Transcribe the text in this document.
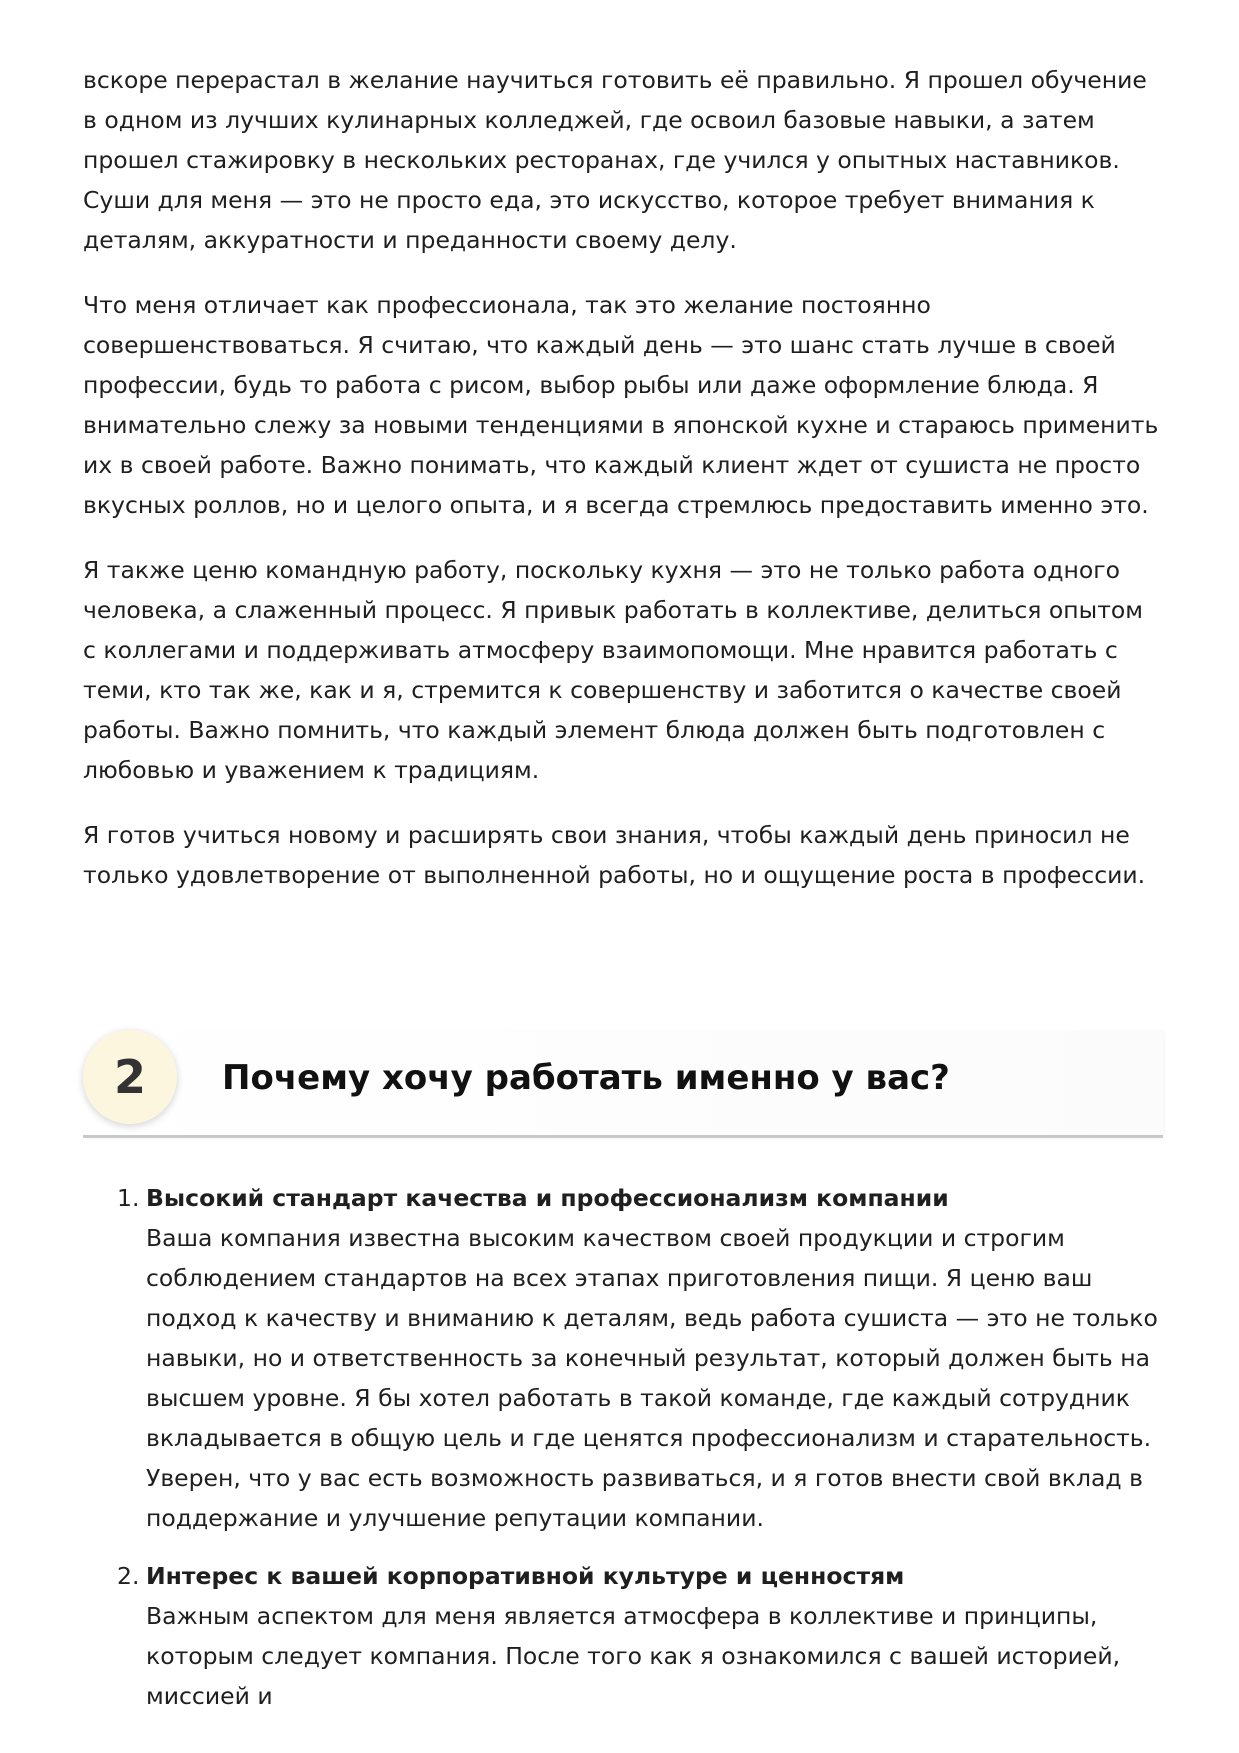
вскоре перерастал в желание научиться готовить её правильно. Я прошел обучение в одном из лучших кулинарных колледжей, где освоил базовые навыки, а затем прошел стажировку в нескольких ресторанах, где учился у опытных наставников. Суши для меня — это не просто еда, это искусство, которое требует внимания к деталям, аккуратности и преданности своему делу.

Что меня отличает как профессионала, так это желание постоянно совершенствоваться. Я считаю, что каждый день — это шанс стать лучше в своей профессии, будь то работа с рисом, выбор рыбы или даже оформление блюда. Я внимательно слежу за новыми тенденциями в японской кухне и стараюсь применить их в своей работе. Важно понимать, что каждый клиент ждет от сушиста не просто вкусных роллов, но и целого опыта, и я всегда стремлюсь предоставить именно это.

Я также ценю командную работу, поскольку кухня — это не только работа одного человека, а слаженный процесс. Я привык работать в коллективе, делиться опытом с коллегами и поддерживать атмосферу взаимопомощи. Мне нравится работать с теми, кто так же, как и я, стремится к совершенству и заботится о качестве своей работы. Важно помнить, что каждый элемент блюда должен быть подготовлен с любовью и уважением к традициям.

Я готов учиться новому и расширять свои знания, чтобы каждый день приносил не только удовлетворение от выполненной работы, но и ощущение роста в профессии.

2	Почему хочу работать именно у вас?
1. Высокий стандарт качества и профессионализм компании
Ваша компания известна высоким качеством своей продукции и строгим соблюдением стандартов на всех этапах приготовления пищи. Я ценю ваш подход к качеству и вниманию к деталям, ведь работа сушиста — это не только навыки, но и ответственность за конечный результат, который должен быть на высшем уровне. Я бы хотел работать в такой команде, где каждый сотрудник вкладывается в общую цель и где ценятся профессионализм и старательность. Уверен, что у вас есть возможность развиваться, и я готов внести свой вклад в поддержание и улучшение репутации компании.
2. Интерес к вашей корпоративной культуре и ценностям
Важным аспектом для меня является атмосфера в коллективе и принципы, которым следует компания. После того как я ознакомился с вашей историей, миссией и
